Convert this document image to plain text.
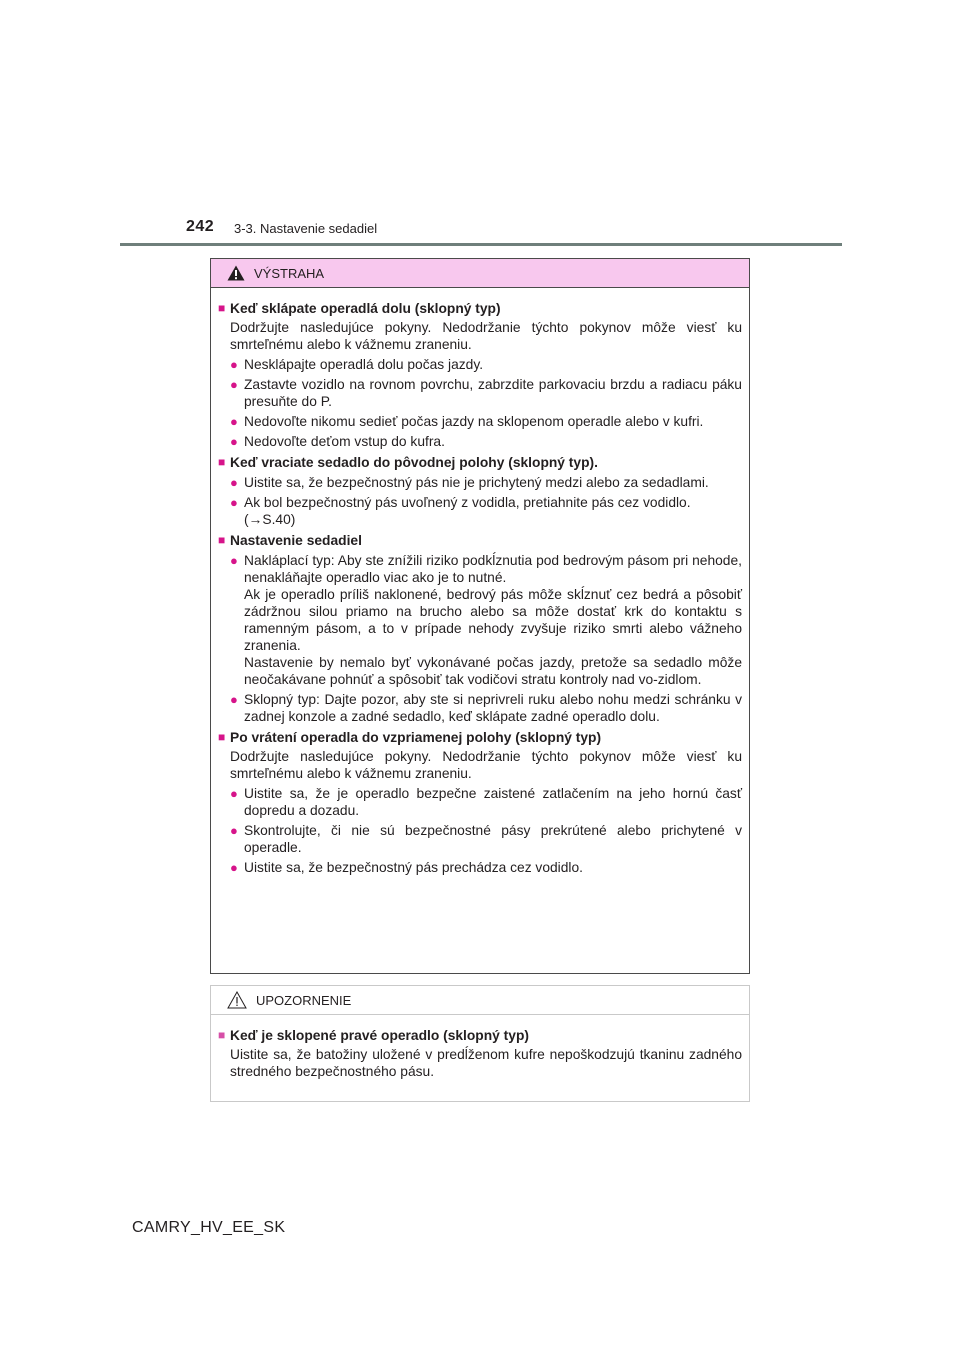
242 3-3. Nastavenie sedadiel
VÝSTRAHA
■ Keď sklápate operadlá dolu (sklopný typ)
Dodržujte nasledujúce pokyny. Nedodržanie týchto pokynov môže viesť ku smrteľnému alebo k vážnemu zraneniu.
● Nesklápajte operadlá dolu počas jazdy.
● Zastavte vozidlo na rovnom povrchu, zabrzdite parkovaciu brzdu a radiacu páku presuňte do P.
● Nedovoľte nikomu sedieť počas jazdy na sklopenom operadle alebo v kufri.
● Nedovoľte deťom vstup do kufra.
■ Keď vraciate sedadlo do pôvodnej polohy (sklopný typ).
● Uistite sa, že bezpečnostný pás nie je prichytený medzi alebo za sedadlami.
● Ak bol bezpečnostný pás uvoľnený z vodidla, pretiahnite pás cez vodidlo.
(→S.40)
■ Nastavenie sedadiel
● Nakláplací typ: Aby ste znížili riziko podkĺznutia pod bedrovým pásom pri nehode, nenakláňajte operadlo viac ako je to nutné.
Ak je operadlo príliš naklonené, bedrový pás môže skĺznuť cez bedrá a pôsobiť zádržnou silou priamo na brucho alebo sa môže dostať krk do kontaktu s ramenným pásom, a to v prípade nehody zvyšuje riziko smrti alebo vážneho zranenia.
Nastavenie by nemalo byť vykonávané počas jazdy, pretože sa sedadlo môže neočakávane pohnúť a spôsobiť tak vodičovi stratu kontroly nad vo-zidlom.
● Sklopný typ: Dajte pozor, aby ste si neprivreli ruku alebo nohu medzi schránku v zadnej konzole a zadné sedadlo, keď sklápate zadné operadlo dolu.
■ Po vrátení operadla do vzpriamenej polohy (sklopný typ)
Dodržujte nasledujúce pokyny. Nedodržanie týchto pokynov môže viesť ku smrteľnému alebo k vážnemu zraneniu.
● Uistite sa, že je operadlo bezpečne zaistené zatlačením na jeho hornú časť dopredu a dozadu.
● Skontrolujte, či nie sú bezpečnostné pásy prekrútené alebo prichytené v operadle.
● Uistite sa, že bezpečnostný pás prechádza cez vodidlo.
UPOZORNENIE
■ Keď je sklopené pravé operadlo (sklopný typ)
Uistite sa, že batožiny uložené v predĺženom kufre nepoškodzujú tkaninu zadného stredného bezpečnostného pásu.
CAMRY_HV_EE_SK
